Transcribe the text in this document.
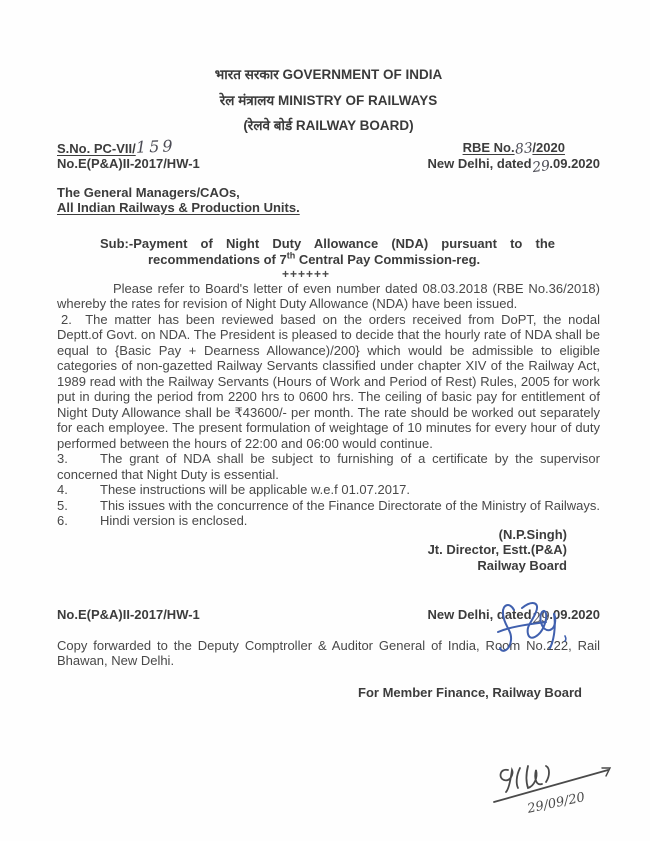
भारत सरकार GOVERNMENT OF INDIA
रेल मंत्रालय MINISTRY OF RAILWAYS
(रेलवे बोर्ड RAILWAY BOARD)
S.No. PC-VII/159
No.E(P&A)II-2017/HW-1
RBE No.83/2020
New Delhi, dated29.09.2020
The General Managers/CAOs,
All Indian Railways & Production Units.
Sub:-Payment of Night Duty Allowance (NDA) pursuant to the recommendations of 7th Central Pay Commission-reg.
++++++

Please refer to Board's letter of even number dated 08.03.2018 (RBE No.36/2018) whereby the rates for revision of Night Duty Allowance (NDA) have been issued.

2.  The matter has been reviewed based on the orders received from DoPT, the nodal Deptt.of Govt. on NDA. The President is pleased to decide that the hourly rate of NDA shall be equal to {Basic Pay + Dearness Allowance)/200} which would be admissible to eligible categories of non-gazetted Railway Servants classified under chapter XIV of the Railway Act, 1989 read with the Railway Servants (Hours of Work and Period of Rest) Rules, 2005 for work put in during the period from 2200 hrs to 0600 hrs. The ceiling of basic pay for entitlement of Night Duty Allowance shall be ₹43600/- per month. The rate should be worked out separately for each employee. The present formulation of weightage of 10 minutes for every hour of duty performed between the hours of 22:00 and 06:00 would continue.

3. The grant of NDA shall be subject to furnishing of a certificate by the supervisor concerned that Night Duty is essential.

4. These instructions will be applicable w.e.f 01.07.2017.

5. This issues with the concurrence of the Finance Directorate of the Ministry of Railways.

6. Hindi version is enclosed.

(N.P.Singh)
Jt. Director, Estt.(P&A)
Railway Board
No.E(P&A)II-2017/HW-1	New Delhi, dated29.09.2020

Copy forwarded to the Deputy Comptroller & Auditor General of India, Room No.222, Rail Bhawan, New Delhi.

For Member Finance, Railway Board
29/09/20
